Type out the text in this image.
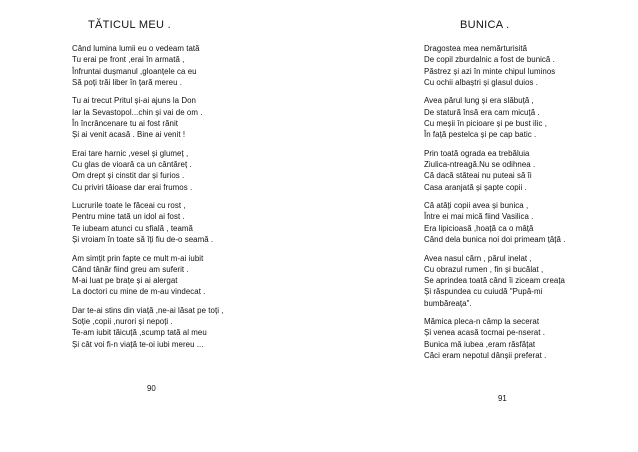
TĂTICUL MEU .
Când lumina lumii eu o vedeam tată
Tu erai pe front ,erai în armată ,
Înfruntai dușmanul ,gloanțele ca eu
Să poți trăi liber în țară mereu .
Tu ai trecut Pritul și-ai ajuns la Don
Iar la Sevastopol...chin și vai de om .
În încrâncenare tu ai fost rănit
Și ai venit acasă . Bine ai venit !
Erai tare harnic ,vesel și glumeț ,
Cu glas de vioară ca un cântăreț .
Om drept și cinstit dar și furios .
Cu priviri tăioase dar erai frumos .
Lucrurile toate le făceai cu rost ,
Pentru mine tată un idol ai fost .
Te iubeam atunci cu sfială , teamă
Și vroiam în toate să îți fiu de-o seamă .
Am simțit prin fapte ce mult m-ai iubit
Când tânăr fiind greu am suferit .
M-ai luat pe brațe și ai alergat
La doctori cu mine de m-au vindecat .
Dar te-ai stins din viață ,ne-ai lăsat pe toți ,
Soție ,copii ,nurori și nepoți .
Te-am iubit tăicuță ,scump tată al meu
Și cât voi fi-n viață te-oi iubi mereu ...
90
BUNICA .
Dragostea mea nemărturisită
De copil zburdalnic a fost de bunică .
Păstrez și azi în minte chipul luminos
Cu ochii albaștri și glasul duios .
Avea părul lung și era slăbuță ,
De statură însă era cam micuță .
Cu meșii în picioare și pe bust ilic ,
În față pestelca și pe cap batic .
Prin toată ograda ea trebăluia
Ziulica-ntreagă.Nu se odihnea .
Că dacă stăteai nu puteai să îi
Casa aranjată și șapte copii .
Că atâți copii avea și bunica ,
Între ei mai mică fiind Vasilica .
Era lipicioasă ,hoață ca o mâță
Când dela bunica noi doi primeam țâță .
Avea nasul cârn , părul inelat ,
Cu obrazul rumen , fin și bucălat ,
Se aprindea toată când îi ziceam creața
Și răspundea cu cuiudă "Pupă-mi
bumbăreața".
Mămica pleca-n câmp la secerat
Și venea acasă tocmai pe-nserat .
Bunica mă iubea ,eram răsfățat
Căci eram nepotul dânșii preferat .
91
